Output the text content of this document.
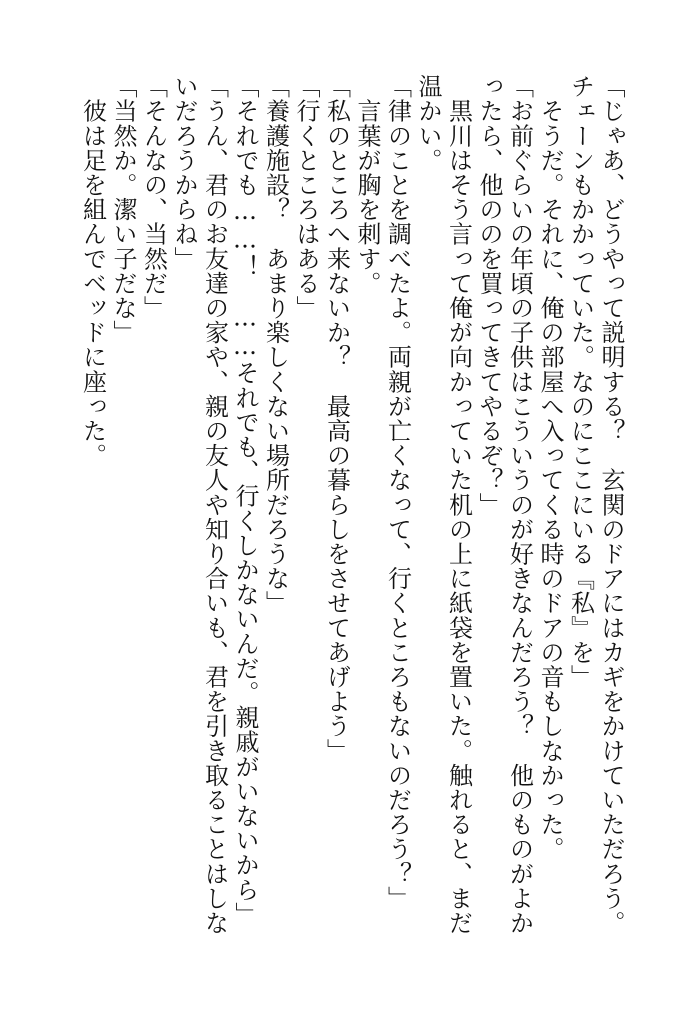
「じゃあ、どうやって説明する？　玄関のドアにはカギをかけていただろう。チェーンもかかっていた。なのにここにいる『私』を」

　そうだ。それに、俺の部屋へ入ってくる時のドアの音もしなかった。

「お前ぐらいの年頃の子供はこういうのが好きなんだろう？　他のものがよかったら、他ののを買ってきてやるぞ？」

　黒川はそう言って俺が向かっていた机の上に紙袋を置いた。触れると、まだ温かい。

「律のことを調べたよ。両親が亡くなって、行くところもないのだろう？」

　言葉が胸を刺す。

「私のところへ来ないか？　最高の暮らしをさせてあげよう」

「行くところはある」

「養護施設？　あまり楽しくない場所だろうな」

「それでも……！　……それでも、行くしかないんだ。親戚がいないから」

「うん、君のお友達の家や、親の友人や知り合いも、君を引き取ることはしないだろうからね」

「そんなの、当然だ」

「当然か。潔い子だな」

　彼は足を組んでベッドに座った。
